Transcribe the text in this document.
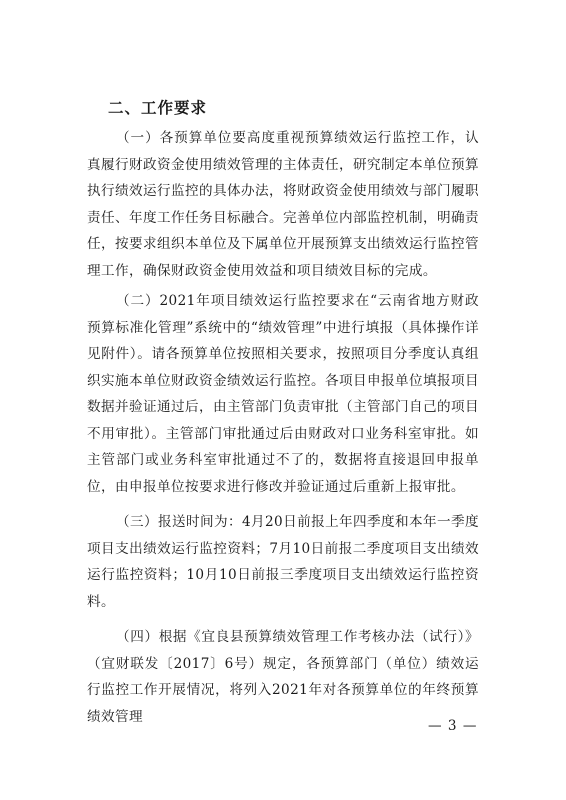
二、工作要求

（一）各预算单位要高度重视预算绩效运行监控工作，认真履行财政资金使用绩效管理的主体责任，研究制定本单位预算执行绩效运行监控的具体办法，将财政资金使用绩效与部门履职责任、年度工作任务目标融合。完善单位内部监控机制，明确责任，按要求组织本单位及下属单位开展预算支出绩效运行监控管理工作，确保财政资金使用效益和项目绩效目标的完成。

（二）2021年项目绩效运行监控要求在“云南省地方财政预算标准化管理”系统中的“绩效管理”中进行填报（具体操作详见附件）。请各预算单位按照相关要求，按照项目分季度认真组织实施本单位财政资金绩效运行监控。各项目申报单位填报项目数据并验证通过后，由主管部门负责审批（主管部门自己的项目不用审批）。主管部门审批通过后由财政对口业务科室审批。如主管部门或业务科室审批通过不了的，数据将直接退回申报单位，由申报单位按要求进行修改并验证通过后重新上报审批。

（三）报送时间为：4月20日前报上年四季度和本年一季度项目支出绩效运行监控资料；7月10日前报二季度项目支出绩效运行监控资料；10月10日前报三季度项目支出绩效运行监控资料。

（四）根据《宜良县预算绩效管理工作考核办法（试行）》（宜财联发〔2017〕6号）规定，各预算部门（单位）绩效运行监控工作开展情况，将列入2021年对各预算单位的年终预算绩效管理

— 3 —
